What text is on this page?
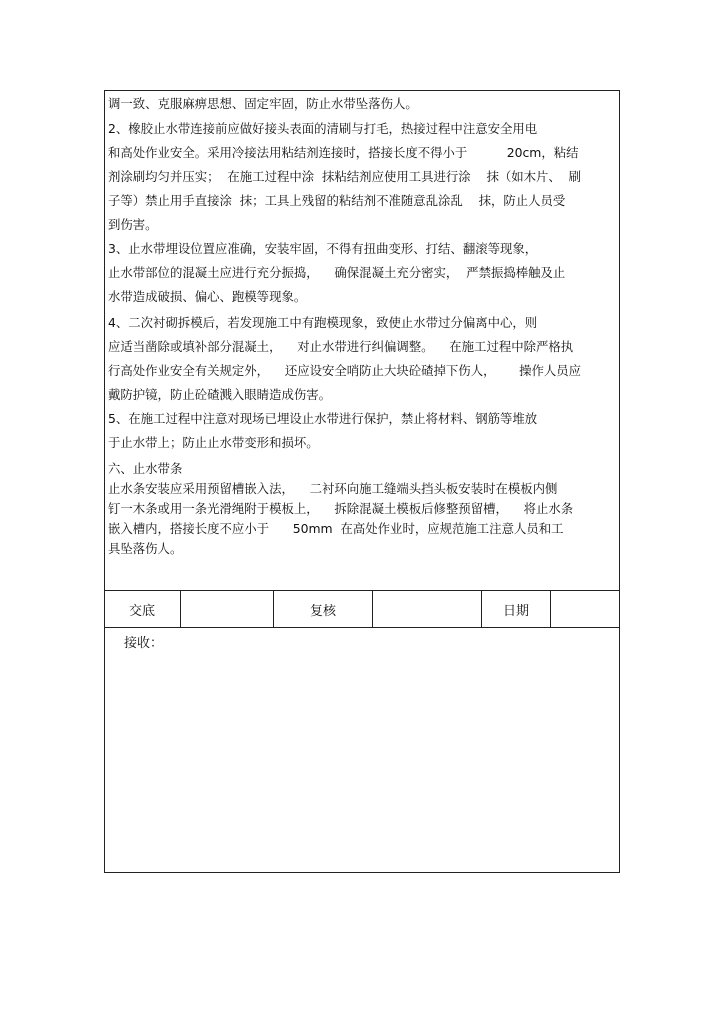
调一致、克服麻痹思想、固定牢固，防止水带坠落伤人。
2、橡胶止水带连接前应做好接头表面的清刷与打毛，热接过程中注意安全用电
和高处作业安全。采用冷接法用粘结剂连接时，搭接长度不得小于          20cm，粘结
剂涂刷均匀并压实；  在施工过程中涂  抹粘结剂应使用工具进行涂    抹（如木片、  刷
子等）禁止用手直接涂  抹；工具上残留的粘结剂不准随意乱涂乱    抹，防止人员受
到伤害。
3、止水带埋设位置应准确，安装牢固，不得有扭曲变形、打结、翻滚等现象，
止水带部位的混凝土应进行充分振捣，    确保混凝土充分密实，  严禁振捣棒触及止
水带造成破损、偏心、跑模等现象。
4、二次衬砌拆模后，若发现施工中有跑模现象，致使止水带过分偏离中心，则
应适当凿除或填补部分混凝土，    对止水带进行纠偏调整。    在施工过程中除严格执
行高处作业安全有关规定外，    还应设安全哨防止大块砼碴掉下伤人，      操作人员应
戴防护镜，防止砼碴溅入眼睛造成伤害。
5、在施工过程中注意对现场已埋设止水带进行保护，禁止将材料、钢筋等堆放
于止水带上；防止止水带变形和损坏。
六、止水带条
止水条安装应采用预留槽嵌入法，    二衬环向施工缝端头挡头板安装时在模板内侧
钉一木条或用一条光滑绳附于模板上，    拆除混凝土模板后修整预留槽，    将止水条
嵌入槽内，搭接长度不应小于      50mm  在高处作业时，应规范施工注意人员和工
具坠落伤人。
交底	复核	日期
接收：
